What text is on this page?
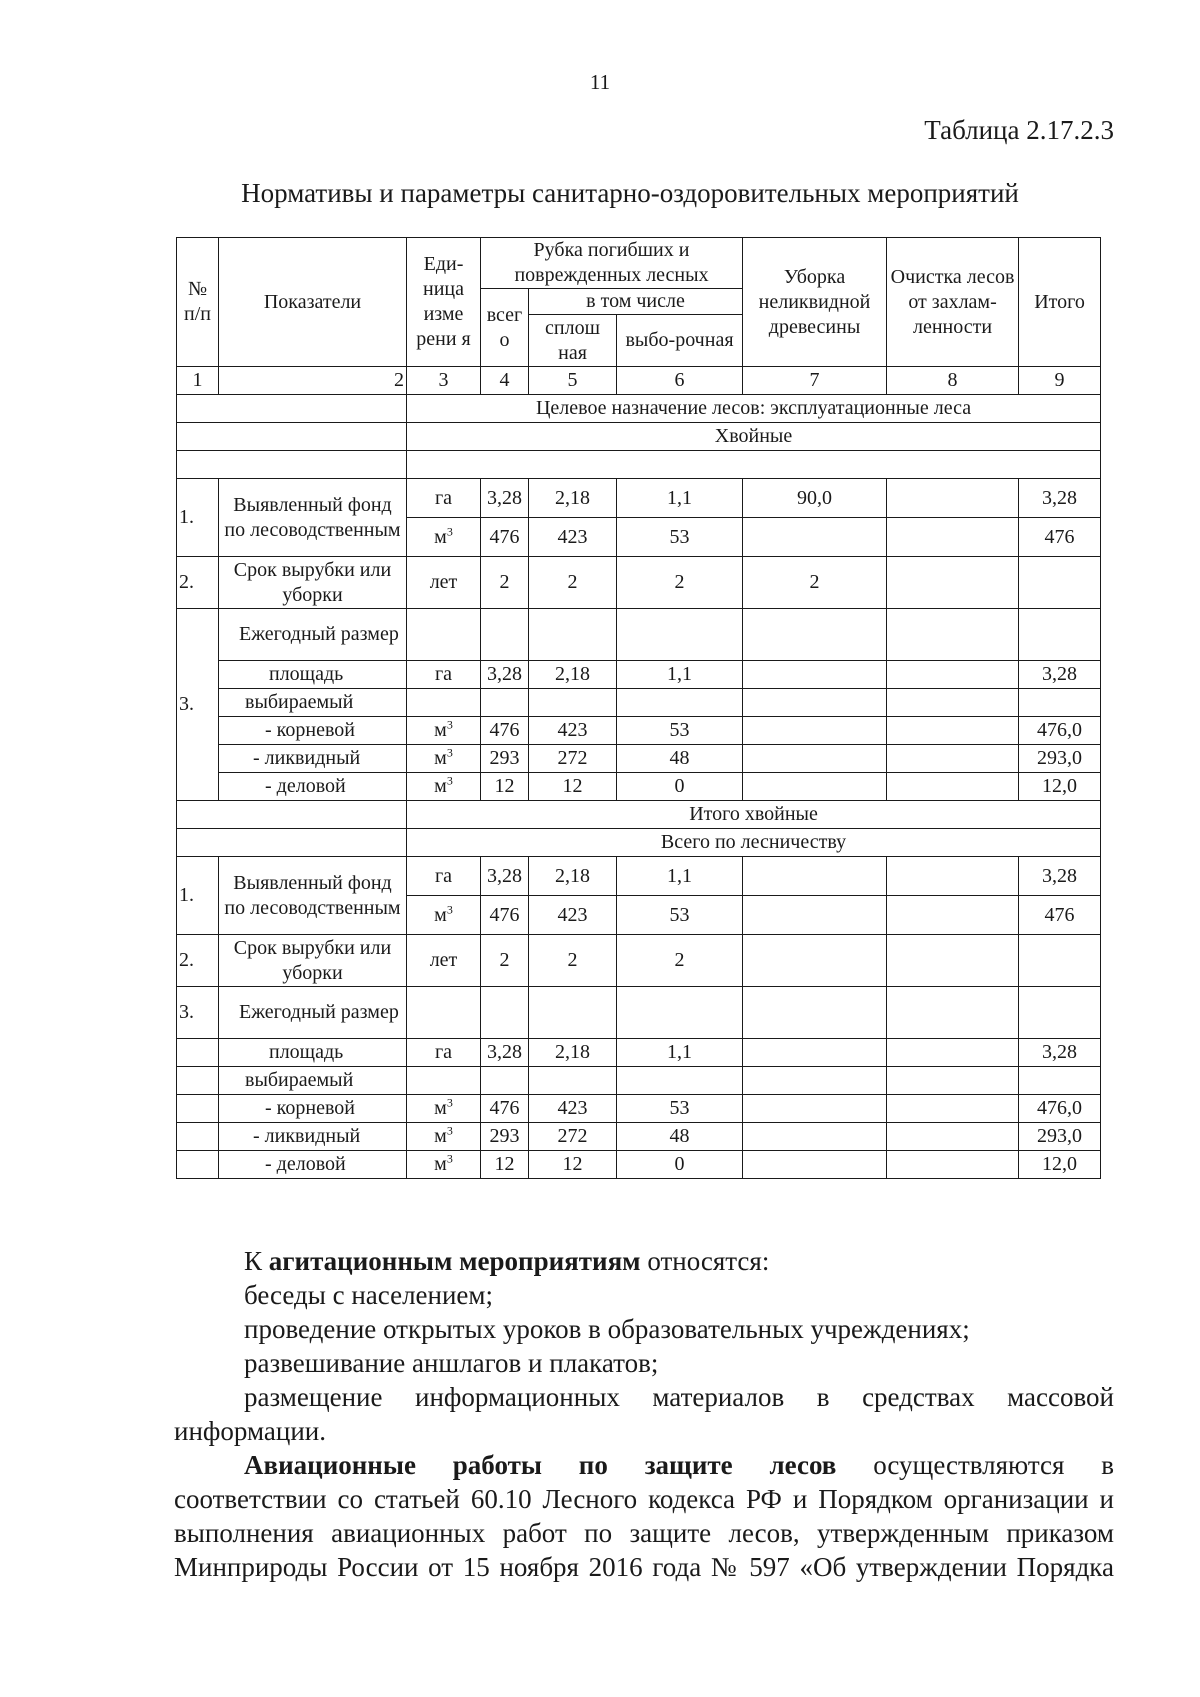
11
Таблица 2.17.2.3
Нормативы и параметры санитарно-оздоровительных мероприятий
№ п/п	Показатели	Еди-ница изме рени я	Рубка погибших и поврежденных лесных			Уборка неликвидной древесины	Очистка лесов от захлам-ленности	Итого
			всег о	в том числе				
				сплош ная	выбо-рочная			
1	2	3	4	5	6	7	8	9
		Целевое назначение лесов: эксплуатационные леса						
		Хвойные						

1.	Выявленный фонд по лесоводственным	га	3,28	2,18	1,1	90,0		3,28
		$м^3$	476	423	53			476
2.	Срок вырубки или уборки	лет	2	2	2	2		
3.	Ежегодный размер							
	площадь	га	3,28	2,18	1,1			3,28
	выбираемый							
	- корневой	$м^3$	476	423	53			476,0
	- ликвидный	$м^3$	293	272	48			293,0
	- деловой	$м^3$	12	12	0			12,0
		Итого хвойные						
		Всего по лесничеству						
1.	Выявленный фонд по лесоводственным	га	3,28	2,18	1,1			3,28
		$м^3$	476	423	53			476
2.	Срок вырубки или уборки	лет	2	2	2			
3.	Ежегодный размер							
	площадь	га	3,28	2,18	1,1			3,28
	выбираемый							
	- корневой	$м^3$	476	423	53			476,0
	- ликвидный	$м^3$	293	272	48			293,0
	- деловой	$м^3$	12	12	0			12,0

К агитационным мероприятиям относятся:

беседы с населением;

проведение открытых уроков в образовательных учреждениях;

развешивание аншлагов и плакатов;

размещение информационных материалов в средствах массовой

информации.

Авиационные работы по защите лесов осуществляются в

соответствии со статьей 60.10 Лесного кодекса РФ и Порядком организации и

выполнения авиационных работ по защите лесов, утвержденным приказом

Минприроды России от 15 ноября 2016 года № 597 «Об утверждении Порядка
